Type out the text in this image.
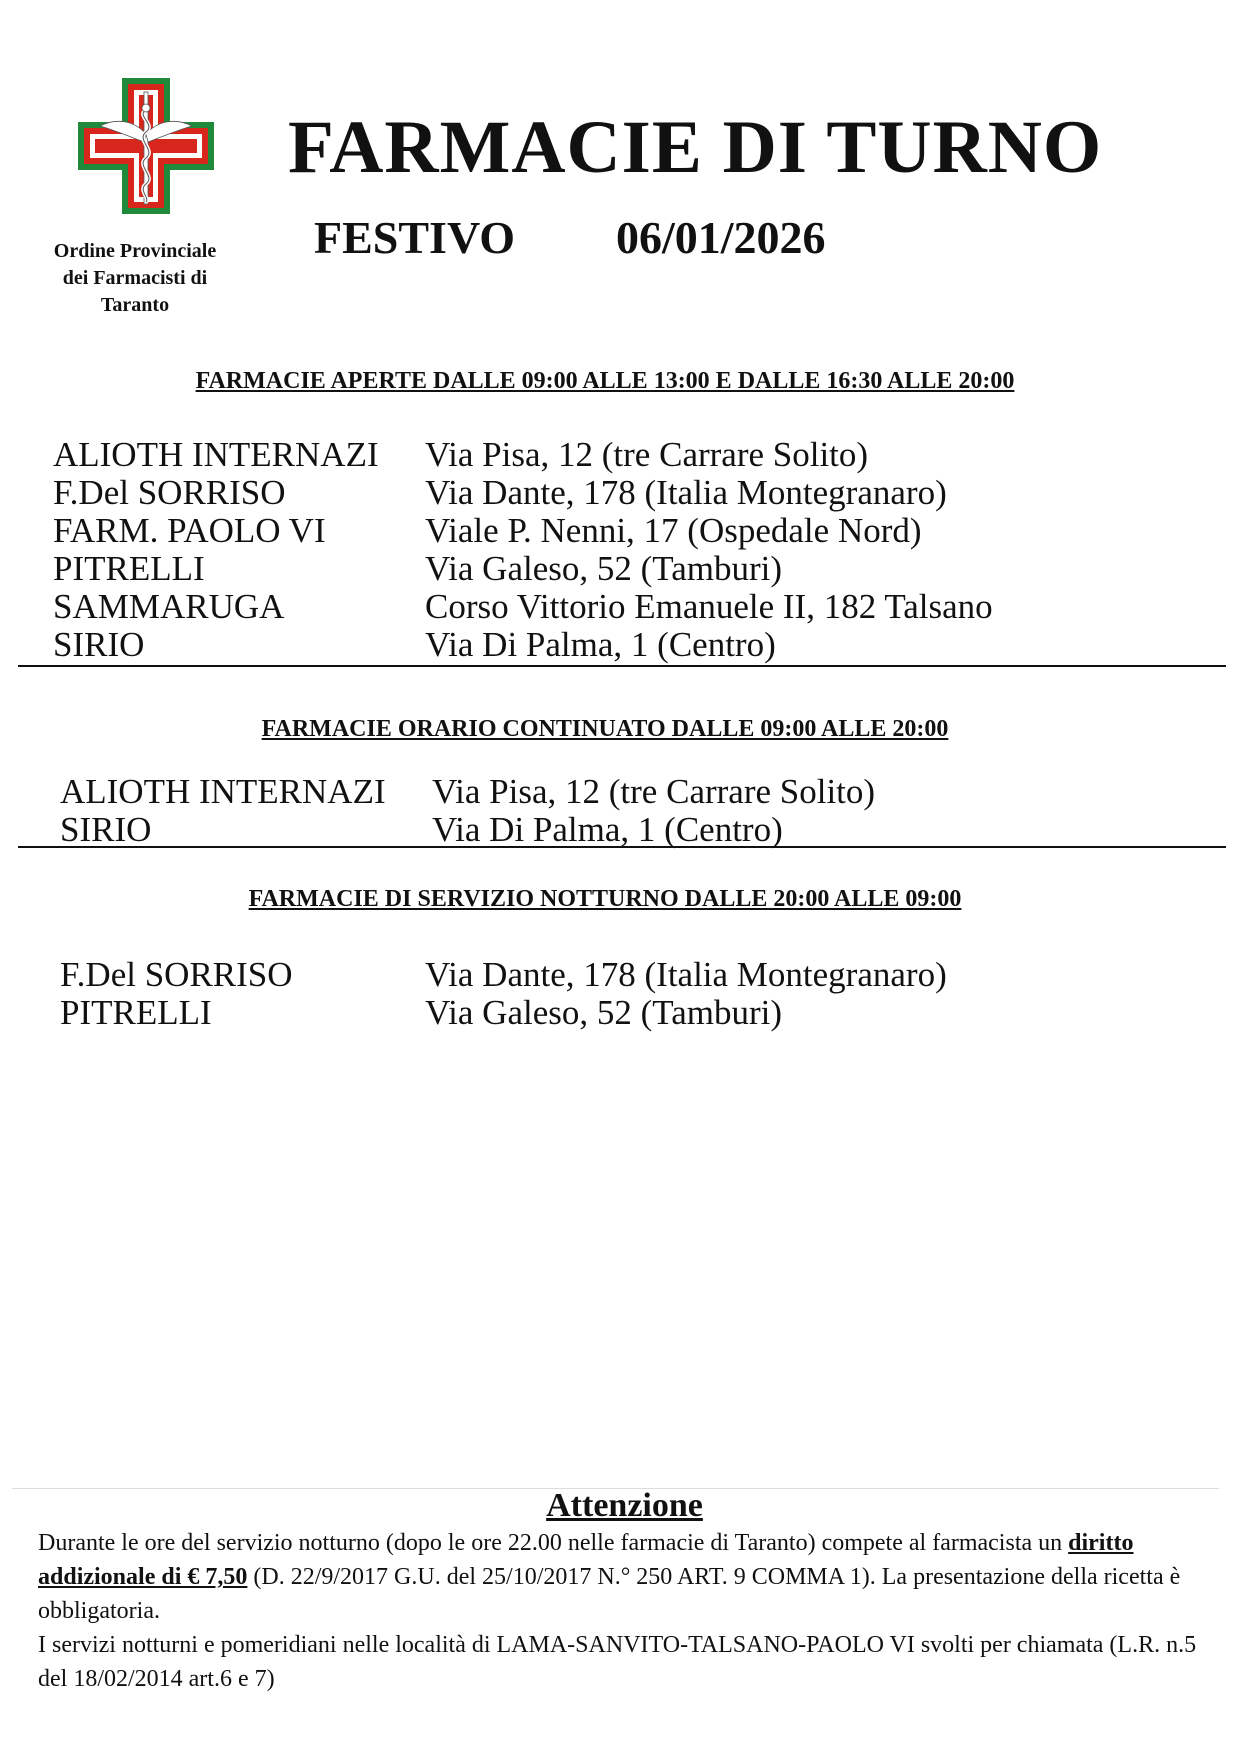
Ordine Provinciale
dei Farmacisti di
Taranto
FARMACIE DI TURNO
FESTIVO 06/01/2026
FARMACIE APERTE DALLE 09:00 ALLE 13:00 E DALLE 16:30 ALLE 20:00
ALIOTH INTERNAZI	Via Pisa, 12 (tre Carrare Solito)
F.Del SORRISO	Via Dante, 178 (Italia Montegranaro)
FARM. PAOLO VI	Viale P. Nenni, 17 (Ospedale Nord)
PITRELLI	Via Galeso, 52 (Tamburi)
SAMMARUGA	Corso Vittorio Emanuele II, 182 Talsano
SIRIO	Via Di Palma, 1 (Centro)
FARMACIE ORARIO CONTINUATO DALLE 09:00 ALLE 20:00
ALIOTH INTERNAZI	Via Pisa, 12 (tre Carrare Solito)
SIRIO	Via Di Palma, 1 (Centro)
FARMACIE DI SERVIZIO NOTTURNO DALLE 20:00 ALLE 09:00
F.Del SORRISO	Via Dante, 178 (Italia Montegranaro)
PITRELLI	Via Galeso, 52 (Tamburi)
Attenzione
Durante le ore del servizio notturno (dopo le ore 22.00 nelle farmacie di Taranto) compete al farmacista un diritto addizionale di € 7,50 (D. 22/9/2017 G.U. del 25/10/2017 N.° 250 ART. 9 COMMA 1). La presentazione della ricetta è obbligatoria.
I servizi notturni e pomeridiani nelle località di LAMA-SANVITO-TALSANO-PAOLO VI svolti per chiamata (L.R. n.5 del 18/02/2014 art.6 e 7)
